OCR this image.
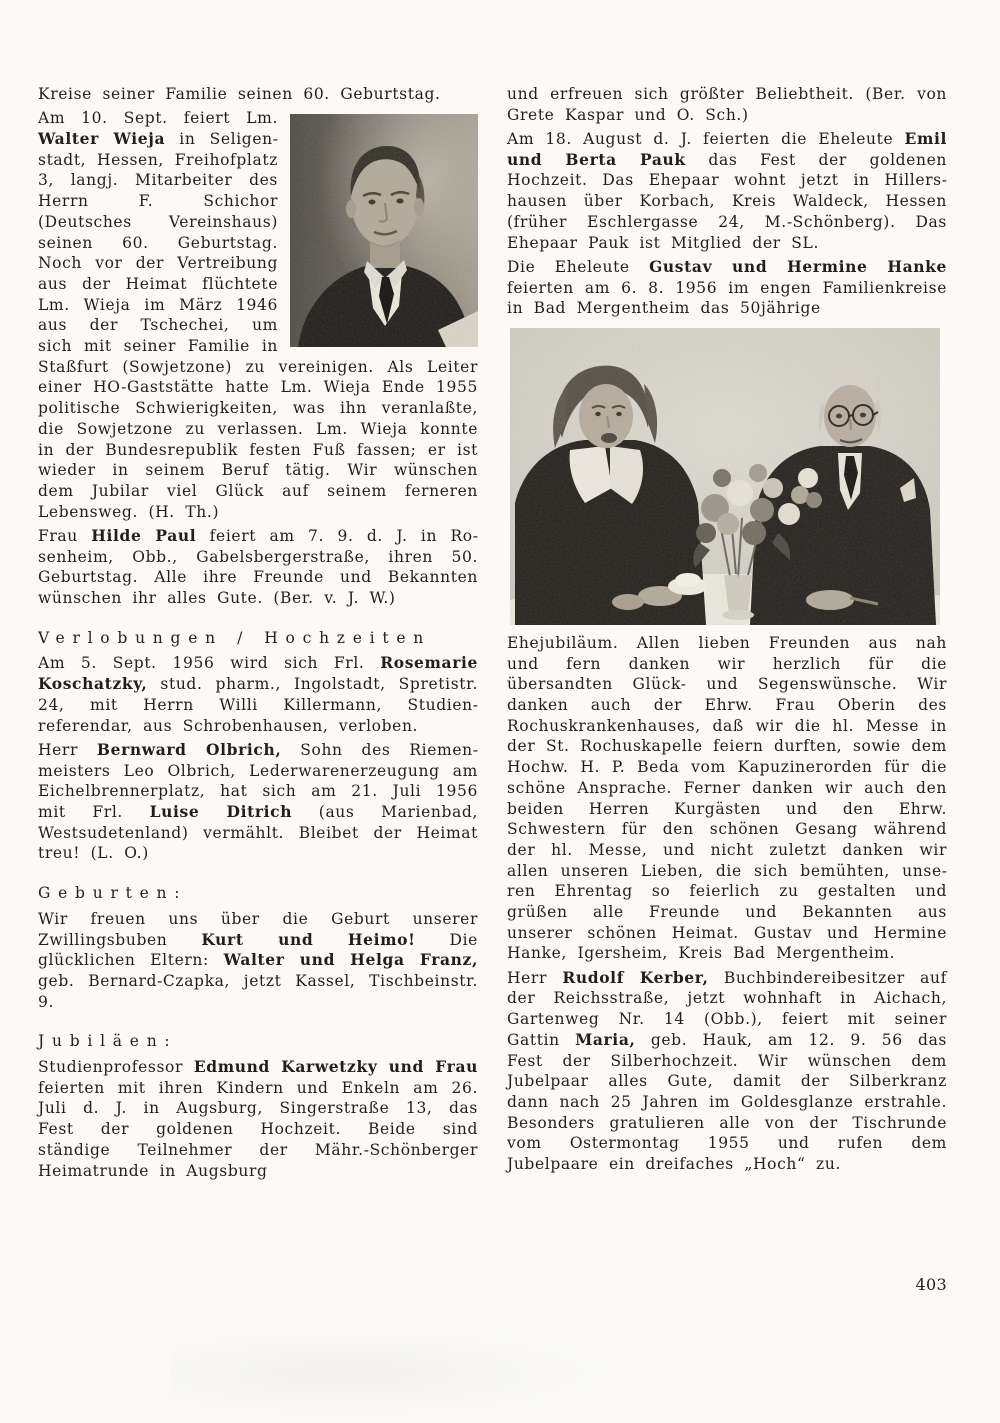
Kreise seiner Familie seinen 60. Geburtstag.

Am 10. Sept. feiert Lm. Walter Wieja in Seligenstadt, Hessen, Freihofplatz 3, langj. Mitarbeiter des Herrn F. Schichor (Deutsches Vereinshaus) seinen 60. Geburtstag. Noch vor der Vertreibung aus der Heimat flüchtete Lm. Wieja im März 1946 aus der Tschechei, um sich mit seiner Familie in Staßfurt (Sowjetzone) zu vereinigen. Als Leiter einer HO-Gaststätte hatte Lm. Wieja Ende 1955 politische Schwierigkeiten, was ihn veranlaßte, die Sowjetzone zu verlassen. Lm. Wieja konnte in der Bundesrepublik festen Fuß fassen; er ist wieder in seinem Beruf tätig. Wir wünschen dem Jubilar viel Glück auf seinem ferneren Lebensweg. (H. Th.)

Frau Hilde Paul feiert am 7. 9. d. J. in Rosenheim, Obb., Gabelsbergerstraße, ihren 50. Geburtstag. Alle ihre Freunde und Bekannten wünschen ihr alles Gute. (Ber. v. J. W.)

Verlobungen / Hochzeiten

Am 5. Sept. 1956 wird sich Frl. Rosemarie Koschatzky, stud. pharm., Ingolstadt, Spretistr. 24, mit Herrn Willi Killermann, Studienreferendar, aus Schrobenhausen, verloben.

Herr Bernward Olbrich, Sohn des Riemenmeisters Leo Olbrich, Lederwarenerzeugung am Eichelbrennerplatz, hat sich am 21. Juli 1956 mit Frl. Luise Ditrich (aus Marienbad, Westsudetenland) vermählt. Bleibet der Heimat treu! (L. O.)

Geburten:

Wir freuen uns über die Geburt unserer Zwillingsbuben Kurt und Heimo! Die glücklichen Eltern: Walter und Helga Franz, geb. Bernard-Czapka, jetzt Kassel, Tischbeinstr. 9.

Jubiläen:

Studienprofessor Edmund Karwetzky und Frau feierten mit ihren Kindern und Enkeln am 26. Juli d. J. in Augsburg, Singerstraße 13, das Fest der goldenen Hochzeit. Beide sind ständige Teilnehmer der Mähr.-Schönberger Heimatrunde in Augsburg

und erfreuen sich größter Beliebtheit. (Ber. von Grete Kaspar und O. Sch.)

Am 18. August d. J. feierten die Eheleute Emil und Berta Pauk das Fest der goldenen Hochzeit. Das Ehepaar wohnt jetzt in Hillershausen über Korbach, Kreis Waldeck, Hessen (früher Eschlergasse 24, M.-Schönberg). Das Ehepaar Pauk ist Mitglied der SL.

Die Eheleute Gustav und Hermine Hanke feierten am 6. 8. 1956 im engen Familienkreise in Bad Mergentheim das 50jährige

Ehejubiläum. Allen lieben Freunden aus nah und fern danken wir herzlich für die übersandten Glück- und Segenswünsche. Wir danken auch der Ehrw. Frau Oberin des Rochuskrankenhauses, daß wir die hl. Messe in der St. Rochuskapelle feiern durften, sowie dem Hochw. H. P. Beda vom Kapuzinerorden für die schöne Ansprache. Ferner danken wir auch den beiden Herren Kurgästen und den Ehrw. Schwestern für den schönen Gesang während der hl. Messe, und nicht zuletzt danken wir allen unseren Lieben, die sich bemühten, unseren Ehrentag so feierlich zu gestalten und grüßen alle Freunde und Bekannten aus unserer schönen Heimat. Gustav und Hermine Hanke, Igersheim, Kreis Bad Mergentheim.

Herr Rudolf Kerber, Buchbindereibesitzer auf der Reichsstraße, jetzt wohnhaft in Aichach, Gartenweg Nr. 14 (Obb.), feiert mit seiner Gattin Maria, geb. Hauk, am 12. 9. 56 das Fest der Silberhochzeit. Wir wünschen dem Jubelpaar alles Gute, damit der Silberkranz dann nach 25 Jahren im Goldesglanze erstrahle. Besonders gratulieren alle von der Tischrunde vom Ostermontag 1955 und rufen dem Jubelpaare ein dreifaches „Hoch“ zu.

403
